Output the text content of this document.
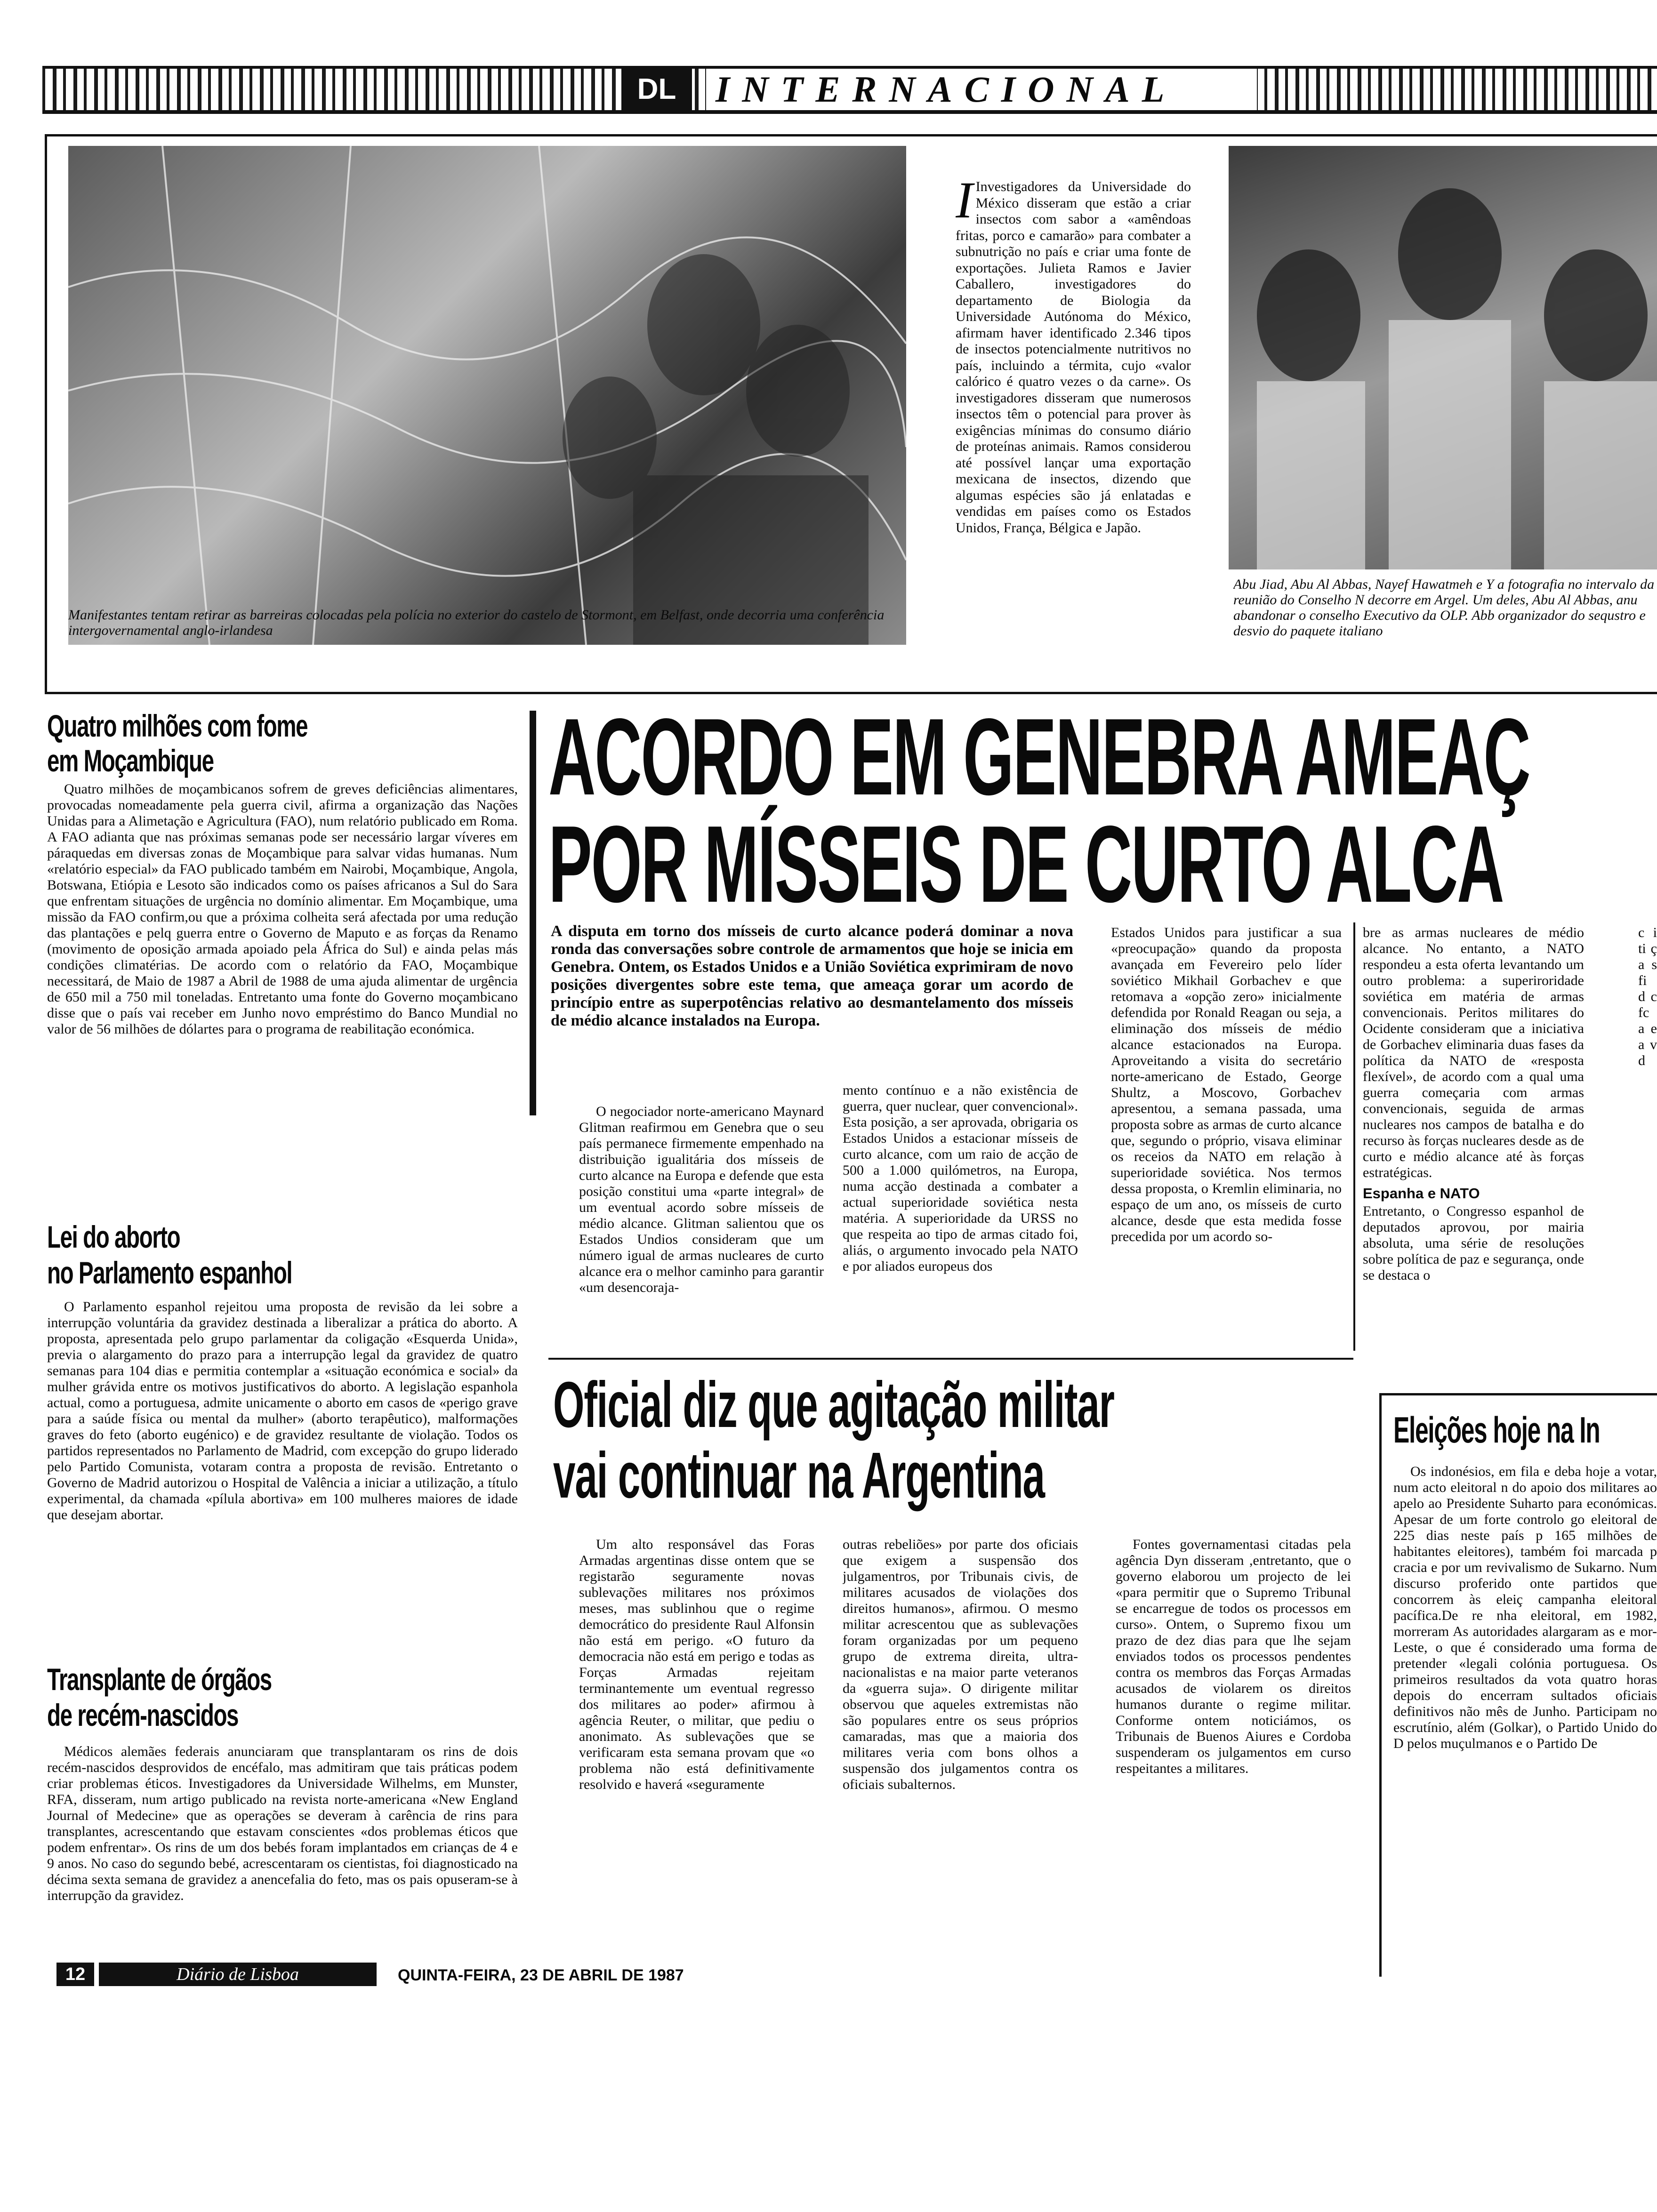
DL	INTERNACIONAL
Manifestantes tentam retirar as barreiras colocadas pela polícia no exterior do castelo de Stormont, em Belfast, onde decorria uma conferência intergovernamental anglo-irlandesa
I Investigadores da Universidade do México disseram que estão a criar insectos com sabor a «amêndoas fritas, porco e camarão» para combater a subnutrição no país e criar uma fonte de exportações. Julieta Ramos e Javier Caballero, investigadores do departamento de Biologia da Universidade Autónoma do México, afirmam haver identificado 2.346 tipos de insectos potencialmente nutritivos no país, incluindo a térmita, cujo «valor calórico é quatro vezes o da carne». Os investigadores disseram que numerosos insectos têm o potencial para prover às exigências mínimas do consumo diário de proteínas animais. Ramos considerou até possível lançar uma exportação mexicana de insectos, dizendo que algumas espécies são já enlatadas e vendidas em países como os Estados Unidos, França, Bélgica e Japão.
Abu Jiad, Abu Al Abbas, Nayef Hawatmeh e Y a fotografia no intervalo da reunião do Conselho N decorre em Argel. Um deles, Abu Al Abbas, anu abandonar o conselho Executivo da OLP. Abb organizador do sequstro e desvio do paquete italiano
Quatro milhões com fome
em Moçambique

Quatro milhões de moçambicanos sofrem de greves deficiências alimentares, provocadas nomeadamente pela guerra civil, afirma a organização das Nações Unidas para a Alimetação e Agricultura (FAO), num relatório publicado em Roma. A FAO adianta que nas próximas semanas pode ser necessário largar víveres em páraquedas em diversas zonas de Moçambique para salvar vidas humanas. Num «relatório especial» da FAO publicado também em Nairobi, Moçambique, Angola, Botswana, Etiópia e Lesoto são indicados como os países africanos a Sul do Sara que enfrentam situações de urgência no domínio alimentar. Em Moçambique, uma missão da FAO confirm,ou que a próxima colheita será afectada por uma redução das plantações e pelq guerra entre o Governo de Maputo e as forças da Renamo (movimento de oposição armada apoiado pela África do Sul) e ainda pelas más condições climatérias. De acordo com o relatório da FAO, Moçambique necessitará, de Maio de 1987 a Abril de 1988 de uma ajuda alimentar de urgência de 650 mil a 750 mil toneladas. Entretanto uma fonte do Governo moçambicano disse que o país vai receber em Junho novo empréstimo do Banco Mundial no valor de 56 milhões de dólartes para o programa de reabilitação económica.

Lei do aborto
no Parlamento espanhol

O Parlamento espanhol rejeitou uma proposta de revisão da lei sobre a interrupção voluntária da gravidez destinada a liberalizar a prática do aborto. A proposta, apresentada pelo grupo parlamentar da coligação «Esquerda Unida», previa o alargamento do prazo para a interrupção legal da gravidez de quatro semanas para 104 dias e permitia contemplar a «situação económica e social» da mulher grávida entre os motivos justificativos do aborto. A legislação espanhola actual, como a portuguesa, admite unicamente o aborto em casos de «perigo grave para a saúde física ou mental da mulher» (aborto terapêutico), malformações graves do feto (aborto eugénico) e de gravidez resultante de violação. Todos os partidos representados no Parlamento de Madrid, com excepção do grupo liderado pelo Partido Comunista, votaram contra a proposta de revisão. Entretanto o Governo de Madrid autorizou o Hospital de Valência a iniciar a utilização, a título experimental, da chamada «pílula abortiva» em 100 mulheres maiores de idade que desejam abortar.

Transplante de órgãos
de recém-nascidos

Médicos alemães federais anunciaram que transplantaram os rins de dois recém-nascidos desprovidos de encéfalo, mas admitiram que tais práticas podem criar problemas éticos. Investigadores da Universidade Wilhelms, em Munster, RFA, disseram, num artigo publicado na revista norte-americana «New England Journal of Medecine» que as operações se deveram à carência de rins para transplantes, acrescentando que estavam conscientes «dos problemas éticos que podem enfrentar». Os rins de um dos bebés foram implantados em crianças de 4 e 9 anos. No caso do segundo bebé, acrescentaram os cientistas, foi diagnosticado na décima sexta semana de gravidez a anencefalia do feto, mas os pais opuseram-se à interrupção da gravidez.

ACORDO EM GENEBRA AMEAÇ
POR MÍSSEIS DE CURTO ALCA
A disputa em torno dos mísseis de curto alcance poderá dominar a nova ronda das conversações sobre controle de armamentos que hoje se inicia em Genebra. Ontem, os Estados Unidos e a União Soviética exprimiram de novo posições divergentes sobre este tema, que ameaça gorar um acordo de princípio entre as superpotências relativo ao desmantelamento dos mísseis de médio alcance instalados na Europa.

O negociador norte-americano Maynard Glitman reafirmou em Genebra que o seu país permanece firmemente empenhado na distribuição igualitária dos mísseis de curto alcance na Europa e defende que esta posição constitui uma «parte integral» de um eventual acordo sobre mísseis de médio alcance. Glitman salientou que os Estados Undios consideram que um número igual de armas nucleares de curto alcance era o melhor caminho para garantir «um desencoraja-

mento contínuo e a não existência de guerra, quer nuclear, quer convencional». Esta posição, a ser aprovada, obrigaria os Estados Unidos a estacionar mísseis de curto alcance, com um raio de acção de 500 a 1.000 quilómetros, na Europa, numa acção destinada a combater a actual superioridade soviética nesta matéria. A superioridade da URSS no que respeita ao tipo de armas citado foi, aliás, o argumento invocado pela NATO e por aliados europeus dos
Estados Unidos para justificar a sua «preocupação» quando da proposta avançada em Fevereiro pelo líder soviético Mikhail Gorbachev e que retomava a «opção zero» inicialmente defendida por Ronald Reagan ou seja, a eliminação dos mísseis de médio alcance estacionados na Europa. Aproveitando a visita do secretário norte-americano de Estado, George Shultz, a Moscovo, Gorbachev apresentou, a semana passada, uma proposta sobre as armas de curto alcance que, segundo o próprio, visava eliminar os receios da NATO em relação à superioridade soviética. Nos termos dessa proposta, o Kremlin eliminaria, no espaço de um ano, os mísseis de curto alcance, desde que esta medida fosse precedida por um acordo so-
bre as armas nucleares de médio alcance. No entanto, a NATO respondeu a esta oferta levantando um outro problema: a superiroridade soviética em matéria de armas convencionais. Peritos militares do Ocidente consideram que a iniciativa de Gorbachev eliminaria duas fases da política da NATO de «resposta flexível», de acordo com a qual uma guerra começaria com armas convencionais, seguida de armas nucleares nos campos de batalha e do recurso às forças nucleares desde as de curto e médio alcance até às forças estratégicas.
Espanha e NATO
Entretanto, o Congresso espanhol de deputados aprovou, por mairia absoluta, uma série de resoluções sobre política de paz e segurança, onde se destaca o
c i ti ç a s fi d c fc a e a v d
Oficial diz que agitação militar
vai continuar na Argentina

Um alto responsável das Foras Armadas argentinas disse ontem que se registarão seguramente novas sublevações militares nos próximos meses, mas sublinhou que o regime democrático do presidente Raul Alfonsin não está em perigo. «O futuro da democracia não está em perigo e todas as Forças Armadas rejeitam terminantemente um eventual regresso dos militares ao poder» afirmou à agência Reuter, o militar, que pediu o anonimato. As sublevações que se verificaram esta semana provam que «o problema não está definitivamente resolvido e haverá «seguramente

outras rebeliões» por parte dos oficiais que exigem a suspensão dos julgamentros, por Tribunais civis, de militares acusados de violações dos direitos humanos», afirmou. O mesmo militar acrescentou que as sublevações foram organizadas por um pequeno grupo de extrema direita, ultra-nacionalistas e na maior parte veteranos da «guerra suja». O dirigente militar observou que aqueles extremistas não são populares entre os seus próprios camaradas, mas que a maioria dos militares veria com bons olhos a suspensão dos julgamentos contra os oficiais subalternos.

Fontes governamentasi citadas pela agência Dyn disseram ,entretanto, que o governo elaborou um projecto de lei «para permitir que o Supremo Tribunal se encarregue de todos os processos em curso». Ontem, o Supremo fixou um prazo de dez dias para que lhe sejam enviados todos os processos pendentes contra os membros das Forças Armadas acusados de violarem os direitos humanos durante o regime militar. Conforme ontem noticiámos, os Tribunais de Buenos Aiures e Cordoba suspenderam os julgamentos em curso respeitantes a militares.

Eleições hoje na In

Os indonésios, em fila e deba hoje a votar, num acto eleitoral n do apoio dos militares ao apelo ao Presidente Suharto para económicas. Apesar de um forte controlo go eleitoral de 225 dias neste país p 165 milhões de habitantes eleitores), também foi marcada p cracia e por um revivalismo de Sukarno. Num discurso proferido onte partidos que concorrem às eleiç campanha eleitoral pacífica.De re nha eleitoral, em 1982, morreram As autoridades alargaram as e mor-Leste, o que é considerado uma forma de pretender «legali colónia portuguesa. Os primeiros resultados da vota quatro horas depois do encerram sultados oficiais definitivos não mês de Junho. Participam no escrutínio, além (Golkar), o Partido Unido do D pelos muçulmanos e o Partido De

12	Diário de Lisboa	QUINTA-FEIRA, 23 DE ABRIL DE 1987
